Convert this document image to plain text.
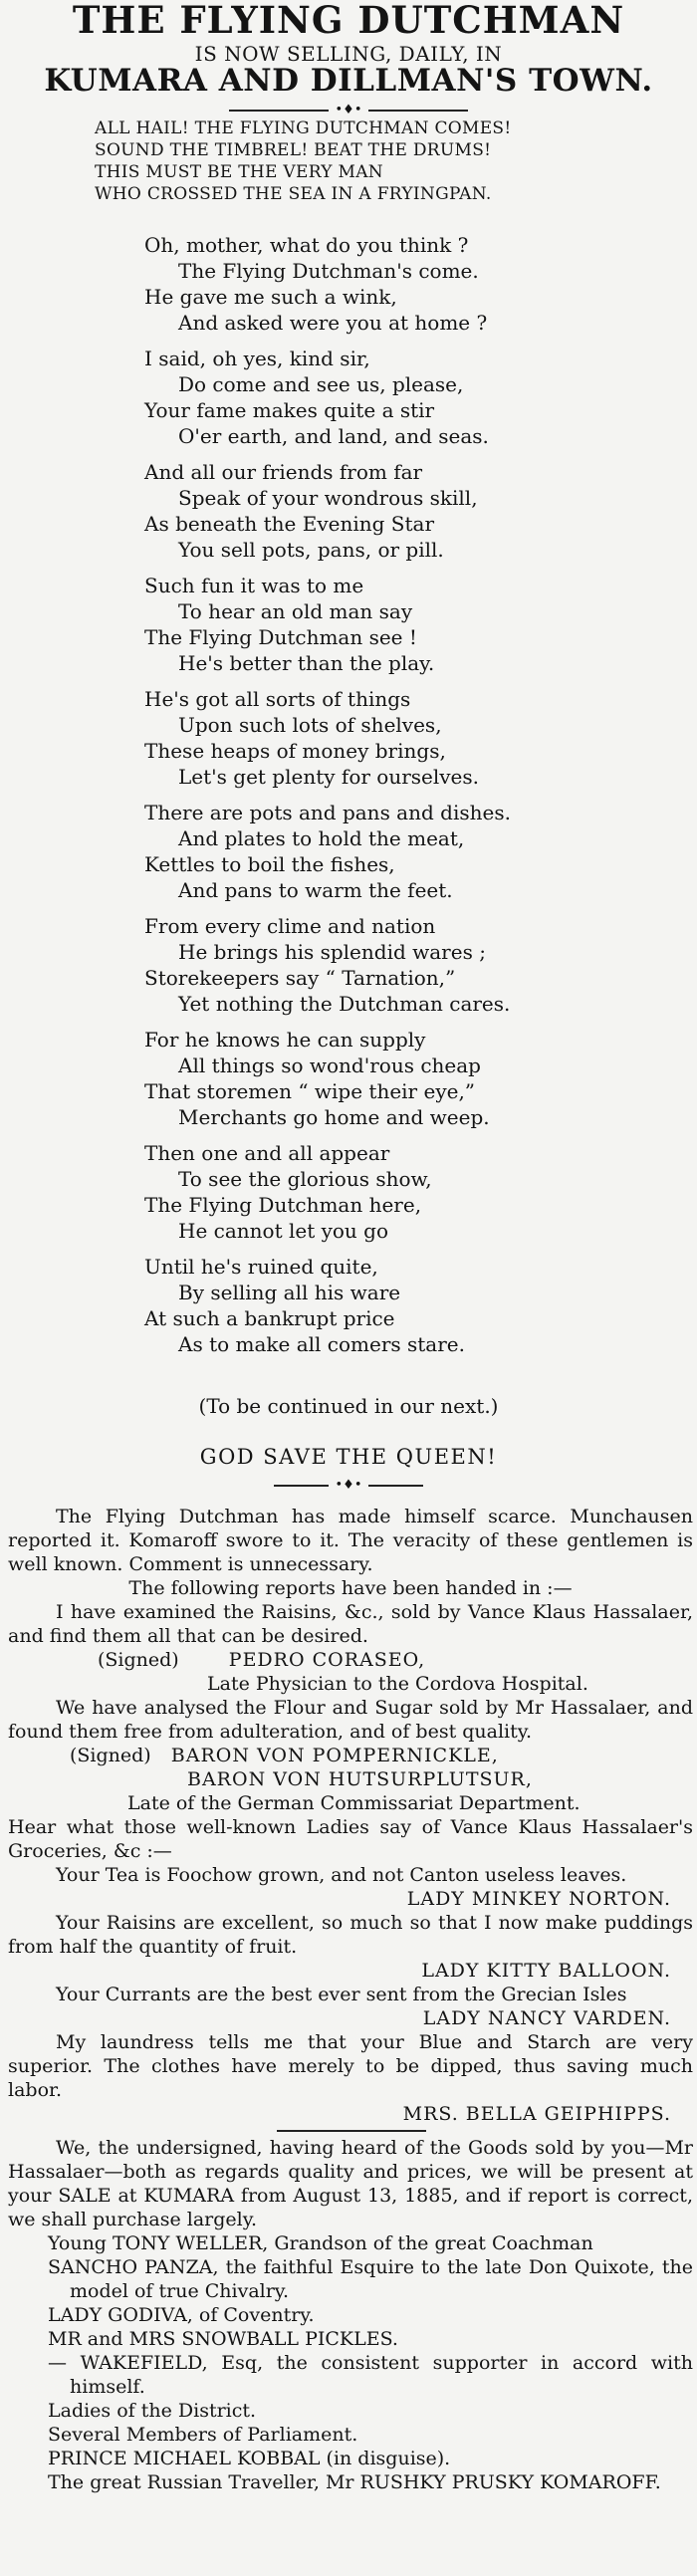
THE FLYING DUTCHMAN
IS NOW SELLING, DAILY, IN
KUMARA AND DILLMAN'S TOWN.
•♦•
ALL HAIL! THE FLYING DUTCHMAN COMES!
SOUND THE TIMBREL! BEAT THE DRUMS!
THIS MUST BE THE VERY MAN
WHO CROSSED THE SEA IN A FRYINGPAN.
Oh, mother, what do you think ?
The Flying Dutchman's come.
He gave me such a wink,
And asked were you at home ?
I said, oh yes, kind sir,
Do come and see us, please,
Your fame makes quite a stir
O'er earth, and land, and seas.
And all our friends from far
Speak of your wondrous skill,
As beneath the Evening Star
You sell pots, pans, or pill.
Such fun it was to me
To hear an old man say
The Flying Dutchman see !
He's better than the play.
He's got all sorts of things
Upon such lots of shelves,
These heaps of money brings,
Let's get plenty for ourselves.
There are pots and pans and dishes.
And plates to hold the meat,
Kettles to boil the fishes,
And pans to warm the feet.
From every clime and nation
He brings his splendid wares ;
Storekeepers say “ Tarnation,”
Yet nothing the Dutchman cares.
For he knows he can supply
All things so wond'rous cheap
That storemen “ wipe their eye,”
Merchants go home and weep.
Then one and all appear
To see the glorious show,
The Flying Dutchman here,
He cannot let you go
Until he's ruined quite,
By selling all his ware
At such a bankrupt price
As to make all comers stare.
(To be continued in our next.)
GOD SAVE THE QUEEN!
•♦•

The Flying Dutchman has made himself scarce. Munchausen reported it. Komaroff swore to it. The veracity of these gentlemen is well known. Comment is unnecessary.

The following reports have been handed in :—

I have examined the Raisins, &c., sold by Vance Klaus Hassalaer, and find them all that can be desired.

(Signed)	PEDRO CORASEO,

Late Physician to the Cordova Hospital.

We have analysed the Flour and Sugar sold by Mr Hassalaer, and found them free from adulteration, and of best quality.

(Signed) BARON VON POMPERNICKLE,

BARON VON HUTSURPLUTSUR,

Late of the German Commissariat Department.

Hear what those well-known Ladies say of Vance Klaus Hassalaer's Groceries, &c :—

Your Tea is Foochow grown, and not Canton useless leaves.

LADY MINKEY NORTON.

Your Raisins are excellent, so much so that I now make puddings from half the quantity of fruit.

LADY KITTY BALLOON.

Your Currants are the best ever sent from the Grecian Isles

LADY NANCY VARDEN.

My laundress tells me that your Blue and Starch are very superior. The clothes have merely to be dipped, thus saving much labor.

MRS. BELLA GEIPHIPPS.

We, the undersigned, having heard of the Goods sold by you—Mr Hassalaer—both as regards quality and prices, we will be present at your SALE at KUMARA from August 13, 1885, and if report is correct, we shall purchase largely.

Young TONY WELLER, Grandson of the great Coachman

SANCHO PANZA, the faithful Esquire to the late Don Quixote, the model of true Chivalry.

LADY GODIVA, of Coventry.

MR and MRS SNOWBALL PICKLES.

— WAKEFIELD, Esq, the consistent supporter in accord with himself.

Ladies of the District.

Several Members of Parliament.

PRINCE MICHAEL KOBBAL (in disguise).

The great Russian Traveller, Mr RUSHKY PRUSKY KOMAROFF.
